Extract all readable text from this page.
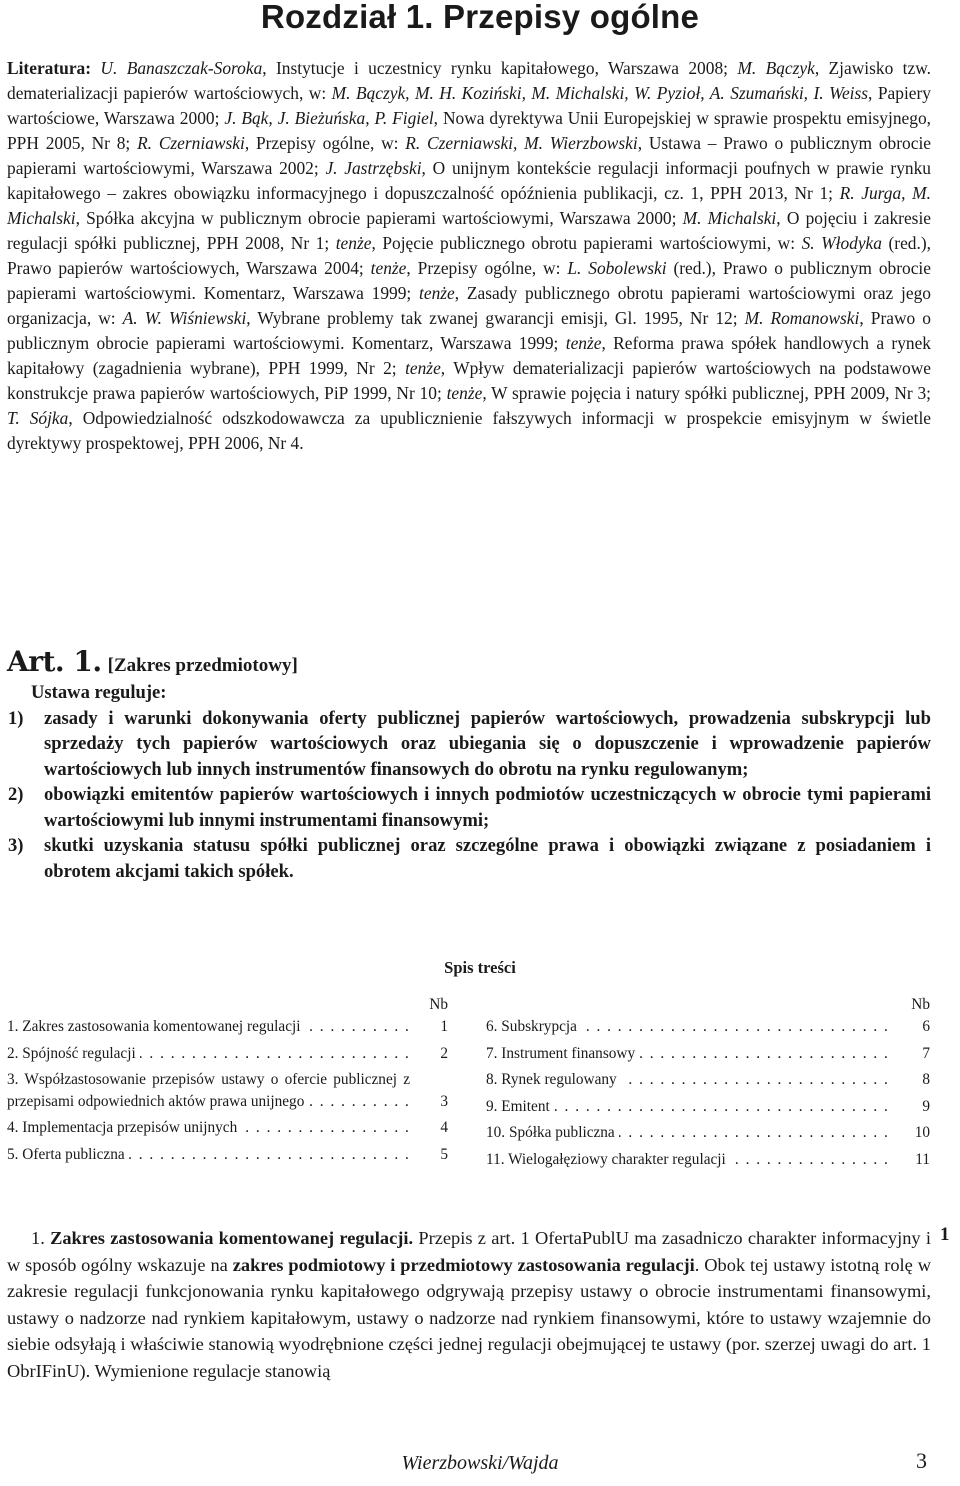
Rozdział 1. Przepisy ogólne

Literatura: U. Banaszczak-Soroka, Instytucje i uczestnicy rynku kapitałowego, Warszawa 2008; M. Bączyk, Zjawisko tzw. dematerializacji papierów wartościowych, w: M. Bączyk, M. H. Koziński, M. Michalski, W. Pyzioł, A. Szumański, I. Weiss, Papiery wartościowe, Warszawa 2000; J. Bąk, J. Bieżuńska, P. Figiel, Nowa dyrektywa Unii Europejskiej w sprawie prospektu emisyjnego, PPH 2005, Nr 8; R. Czerniawski, Przepisy ogólne, w: R. Czerniawski, M. Wierzbowski, Ustawa – Prawo o publicznym obrocie papierami wartościowymi, Warszawa 2002; J. Jastrzębski, O unijnym kontekście regulacji informacji poufnych w prawie rynku kapitałowego – zakres obowiązku informacyjnego i dopuszczalność opóźnienia publikacji, cz. 1, PPH 2013, Nr 1; R. Jurga, M. Michalski, Spółka akcyjna w publicznym obrocie papierami wartościowymi, Warszawa 2000; M. Michalski, O pojęciu i zakresie regulacji spółki publicznej, PPH 2008, Nr 1; tenże, Pojęcie publicznego obrotu papierami wartościowymi, w: S. Włodyka (red.), Prawo papierów wartościowych, Warszawa 2004; tenże, Przepisy ogólne, w: L. Sobolewski (red.), Prawo o publicznym obrocie papierami wartościowymi. Komentarz, Warszawa 1999; tenże, Zasady publicznego obrotu papierami wartościowymi oraz jego organizacja, w: A. W. Wiśniewski, Wybrane problemy tak zwanej gwarancji emisji, Gl. 1995, Nr 12; M. Romanowski, Prawo o publicznym obrocie papierami wartościowymi. Komentarz, Warszawa 1999; tenże, Reforma prawa spółek handlowych a rynek kapitałowy (zagadnienia wybrane), PPH 1999, Nr 2; tenże, Wpływ dematerializacji papierów wartościowych na podstawowe konstrukcje prawa papierów wartościowych, PiP 1999, Nr 10; tenże, W sprawie pojęcia i natury spółki publicznej, PPH 2009, Nr 3; T. Sójka, Odpowiedzialność odszkodowawcza za upublicznienie fałszywych informacji w prospekcie emisyjnym w świetle dyrektywy prospektowej, PPH 2006, Nr 4.

Art. 1. [Zakres przedmiotowy]

Ustawa reguluje:

1)	zasady i warunki dokonywania oferty publicznej papierów wartościowych, prowadzenia subskrypcji lub sprzedaży tych papierów wartościowych oraz ubiegania się o dopuszczenie i wprowadzenie papierów wartościowych lub innych instrumentów finansowych do obrotu na rynku regulowanym;
2)	obowiązki emitentów papierów wartościowych i innych podmiotów uczestniczących w obrocie tymi papierami wartościowymi lub innymi instrumentami finansowymi;
3)	skutki uzyskania statusu spółki publicznej oraz szczególne prawa i obowiązki związane z posiadaniem i obrotem akcjami takich spółek.
Spis treści
Nb
1. Zakres zastosowania komentowanej regulacji . . .	1
2. Spójność regulacji . . .	2
3. Współzastosowanie przepisów ustawy o ofercie publicznej z przepisami odpowiednich aktów prawa unijnego . . .	3
4. Implementacja przepisów unijnych . . .	4
5. Oferta publiczna . . .	5
Nb
6. Subskrypcja . . .	6
7. Instrument finansowy . . .	7
8. Rynek regulowany . . .	8
9. Emitent . . .	9
10. Spółka publiczna . . .	10
11. Wielogałęziowy charakter regulacji . . .	11

1. Zakres zastosowania komentowanej regulacji. Przepis z art. 1 OfertaPublU ma zasadniczo charakter informacyjny i w sposób ogólny wskazuje na zakres podmiotowy i przedmiotowy zastosowania regulacji. Obok tej ustawy istotną rolę w zakresie regulacji funkcjonowania rynku kapitałowego odgrywają przepisy ustawy o obrocie instrumentami finansowymi, ustawy o nadzorze nad rynkiem kapitałowym, ustawy o nadzorze nad rynkiem finansowymi, które to ustawy wzajemnie do siebie odsyłają i właściwie stanowią wyodrębnione części jednej regulacji obejmującej te ustawy (por. szerzej uwagi do art. 1 ObrIFinU). Wymienione regulacje stanowią

1
Wierzbowski/Wajda	3
